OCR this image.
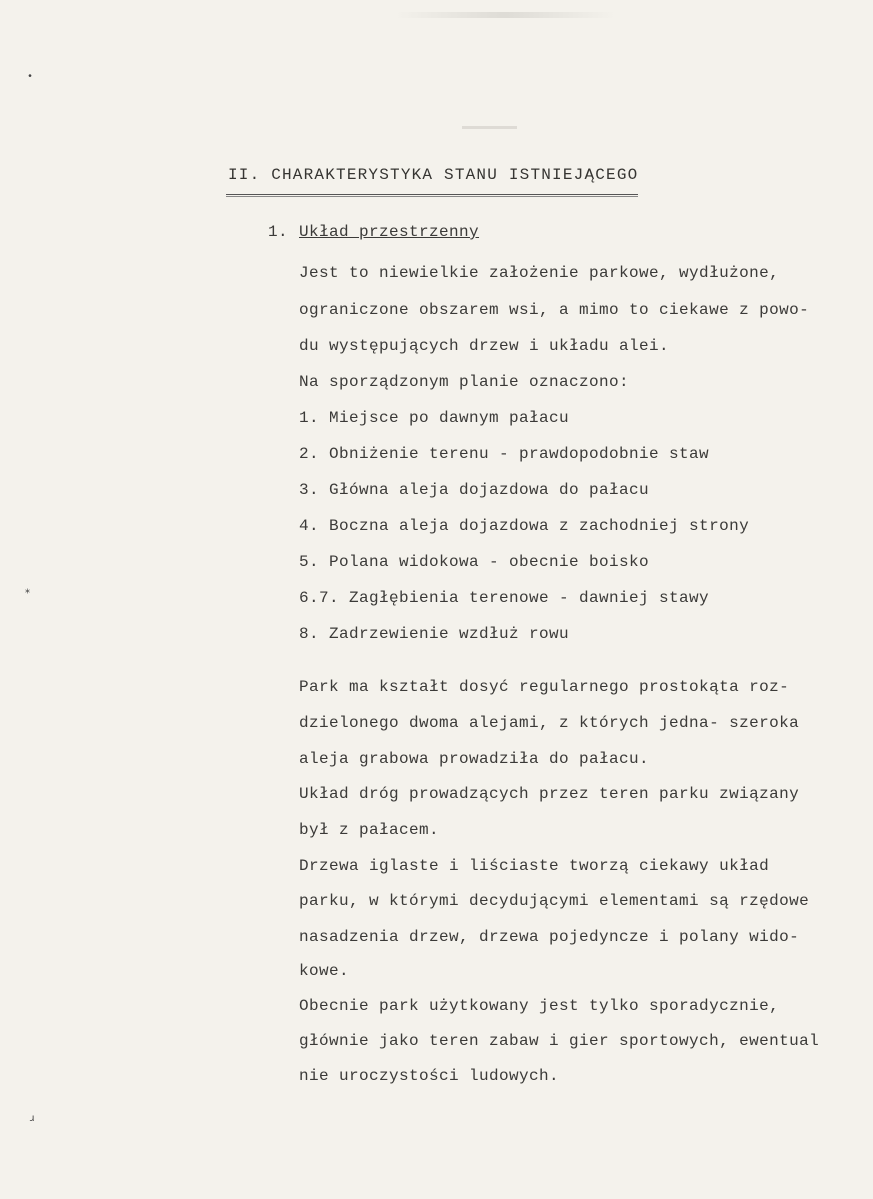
•
⁎
ɹ
II. CHARAKTERYSTYKA STANU ISTNIEJĄCEGO
1. Układ przestrzenny
Jest to niewielkie założenie parkowe, wydłużone,
ograniczone obszarem wsi, a mimo to ciekawe z powo-
du występujących drzew i układu alei.
Na sporządzonym planie oznaczono:
1. Miejsce po dawnym pałacu
2. Obniżenie terenu - prawdopodobnie staw
3. Główna aleja dojazdowa do pałacu
4. Boczna aleja dojazdowa z zachodniej strony
5. Polana widokowa - obecnie boisko
6.7. Zagłębienia terenowe - dawniej stawy
8. Zadrzewienie wzdłuż rowu
Park ma kształt dosyć regularnego prostokąta roz-
dzielonego dwoma alejami, z których jedna- szeroka
aleja grabowa prowadziła do pałacu.
Układ dróg prowadzących przez teren parku związany
był z pałacem.
Drzewa iglaste i liściaste tworzą ciekawy układ
parku, w którymi decydującymi elementami są rzędowe
nasadzenia drzew, drzewa pojedyncze i polany wido-
kowe.
Obecnie park użytkowany jest tylko sporadycznie,
głównie jako teren zabaw i gier sportowych, ewentual
nie uroczystości ludowych.
